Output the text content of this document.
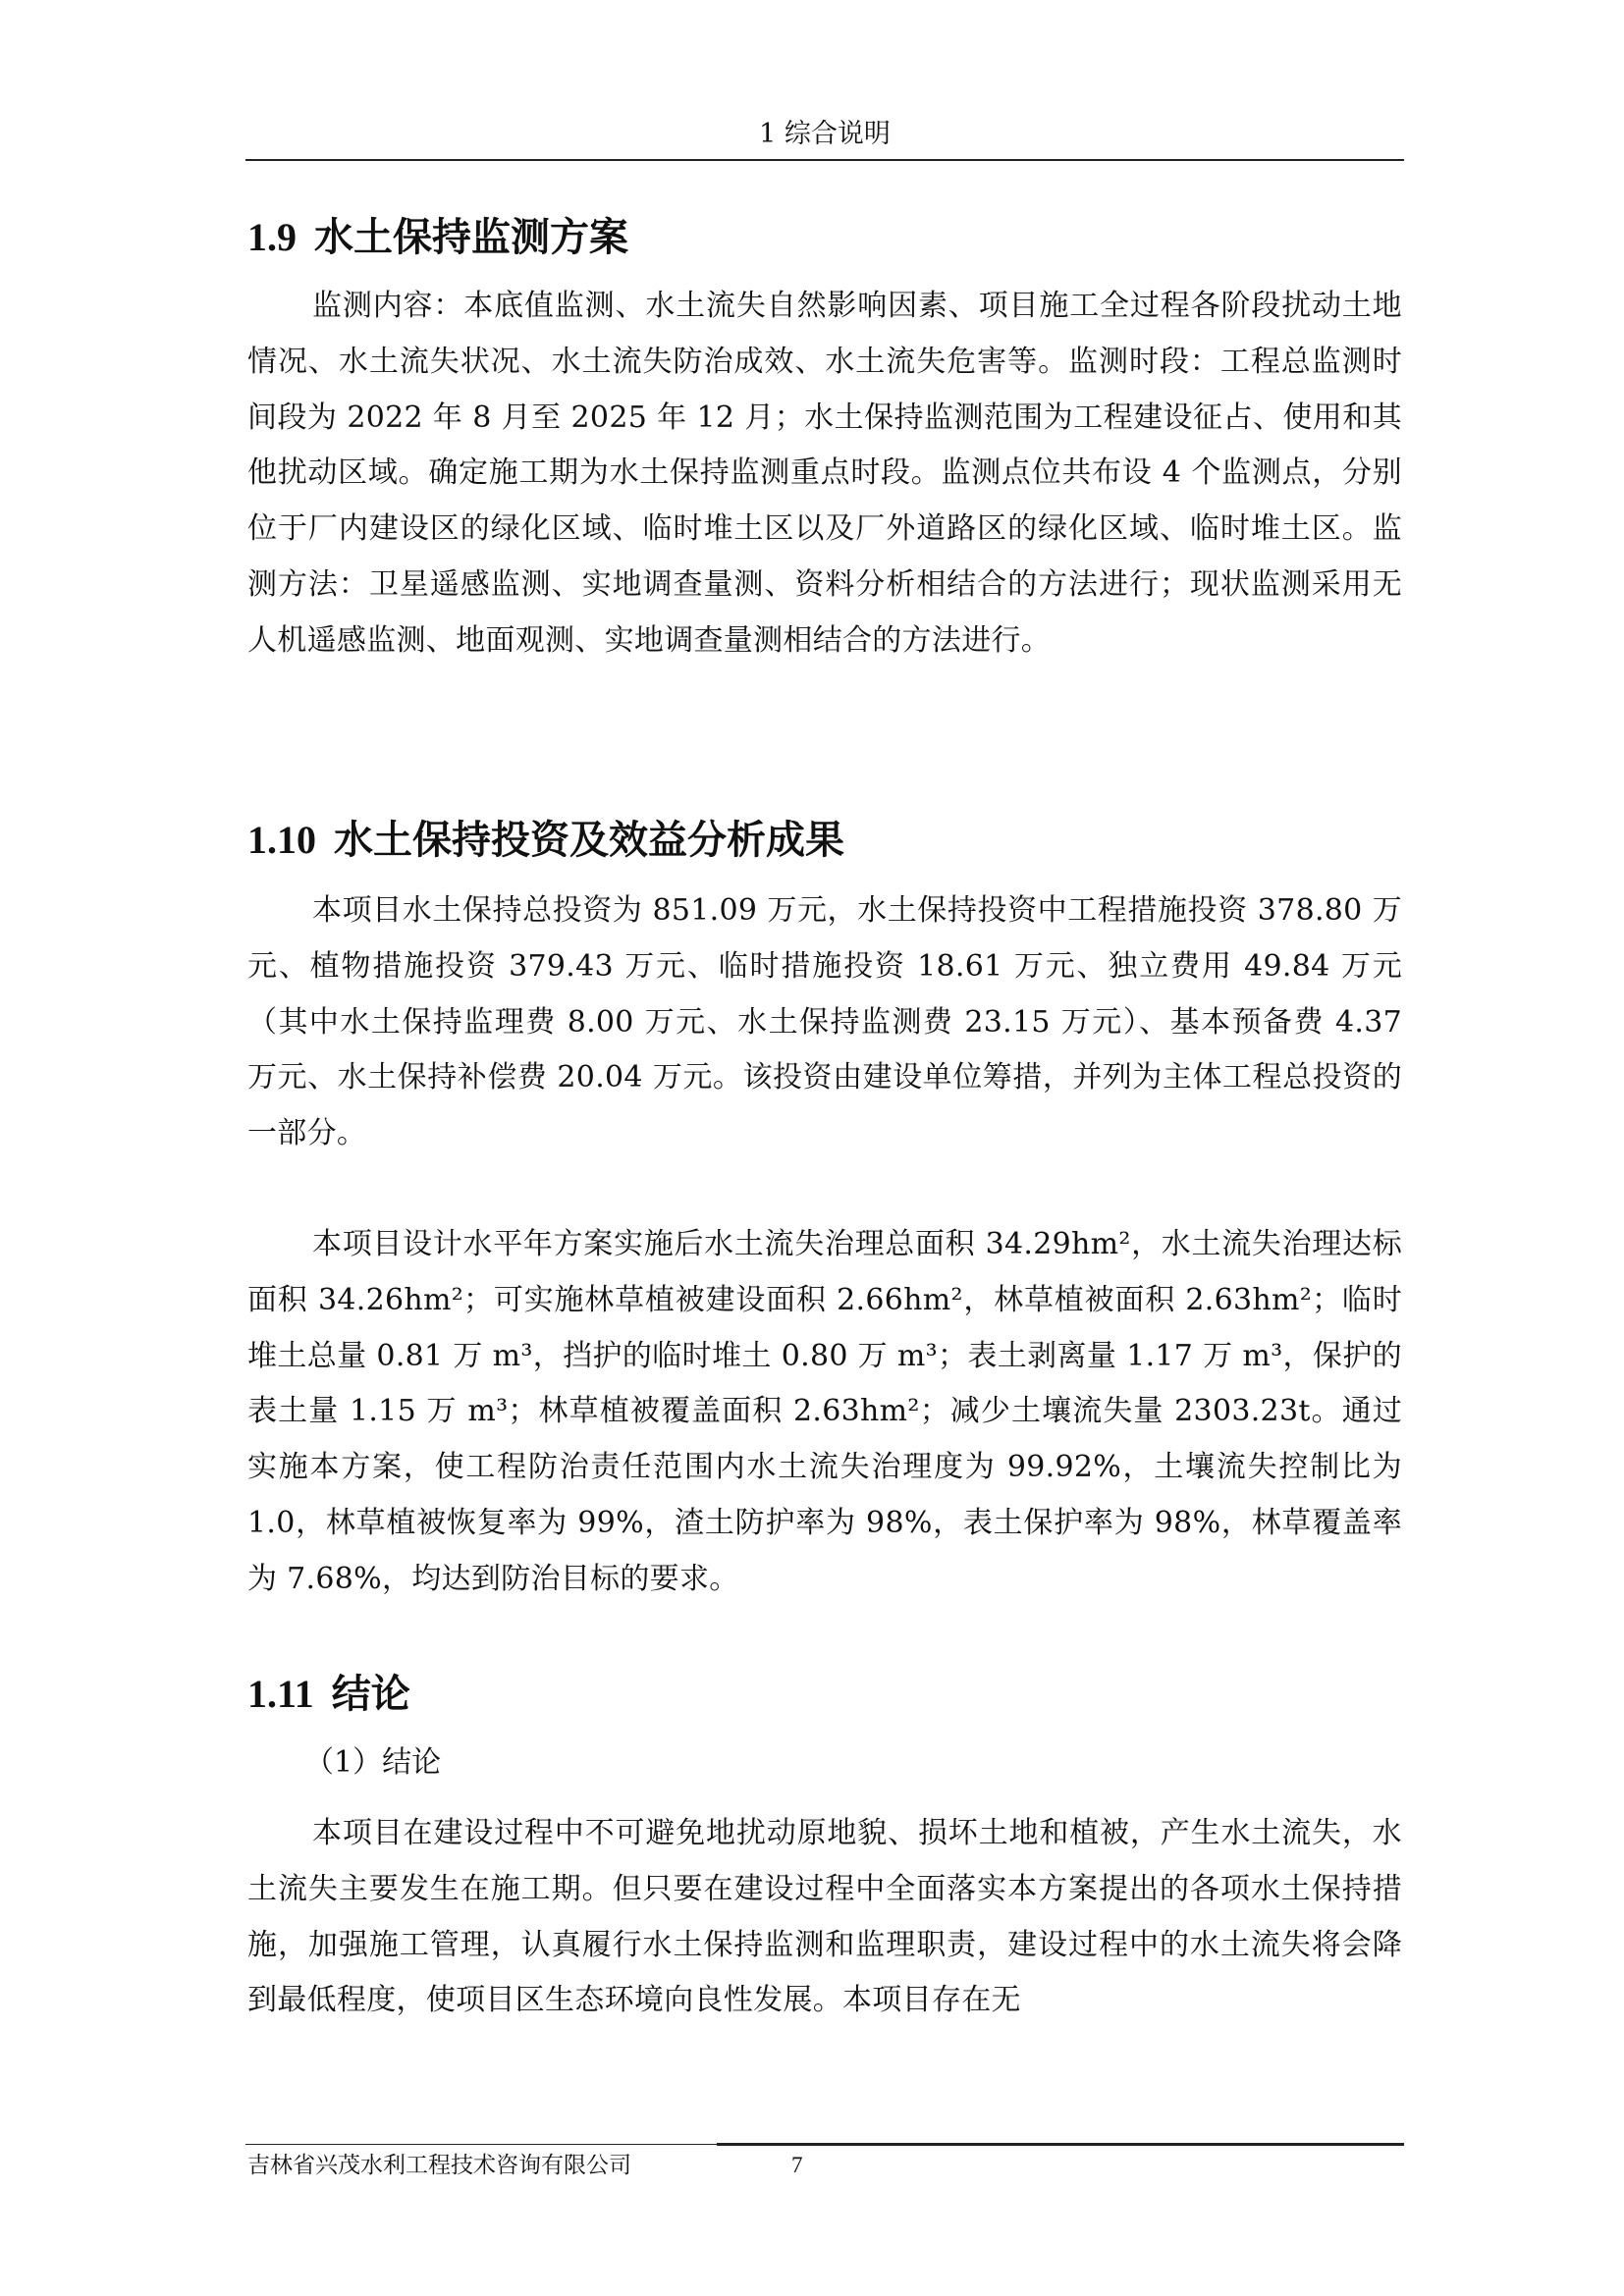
1 综合说明
1.9 水土保持监测方案

监测内容：本底值监测、水土流失自然影响因素、项目施工全过程各阶段扰动土地情况、水土流失状况、水土流失防治成效、水土流失危害等。监测时段：工程总监测时间段为 2022 年 8 月至 2025 年 12 月；水土保持监测范围为工程建设征占、使用和其他扰动区域。确定施工期为水土保持监测重点时段。监测点位共布设 4 个监测点，分别位于厂内建设区的绿化区域、临时堆土区以及厂外道路区的绿化区域、临时堆土区。监测方法：卫星遥感监测、实地调查量测、资料分析相结合的方法进行；现状监测采用无人机遥感监测、地面观测、实地调查量测相结合的方法进行。

1.10 水土保持投资及效益分析成果

本项目水土保持总投资为 851.09 万元，水土保持投资中工程措施投资 378.80 万元、植物措施投资 379.43 万元、临时措施投资 18.61 万元、独立费用 49.84 万元（其中水土保持监理费 8.00 万元、水土保持监测费 23.15 万元）、基本预备费 4.37 万元、水土保持补偿费 20.04 万元。该投资由建设单位筹措，并列为主体工程总投资的一部分。

本项目设计水平年方案实施后水土流失治理总面积 34.29hm²，水土流失治理达标面积 34.26hm²；可实施林草植被建设面积 2.66hm²，林草植被面积 2.63hm²；临时堆土总量 0.81 万 m³，挡护的临时堆土 0.80 万 m³；表土剥离量 1.17 万 m³，保护的表土量 1.15 万 m³；林草植被覆盖面积 2.63hm²；减少土壤流失量 2303.23t。通过实施本方案，使工程防治责任范围内水土流失治理度为 99.92%，土壤流失控制比为 1.0，林草植被恢复率为 99%，渣土防护率为 98%，表土保护率为 98%，林草覆盖率为 7.68%，均达到防治目标的要求。

1.11 结论
（1）结论

本项目在建设过程中不可避免地扰动原地貌、损坏土地和植被，产生水土流失，水土流失主要发生在施工期。但只要在建设过程中全面落实本方案提出的各项水土保持措施，加强施工管理，认真履行水土保持监测和监理职责，建设过程中的水土流失将会降到最低程度，使项目区生态环境向良性发展。本项目存在无

吉林省兴茂水利工程技术咨询有限公司	7
